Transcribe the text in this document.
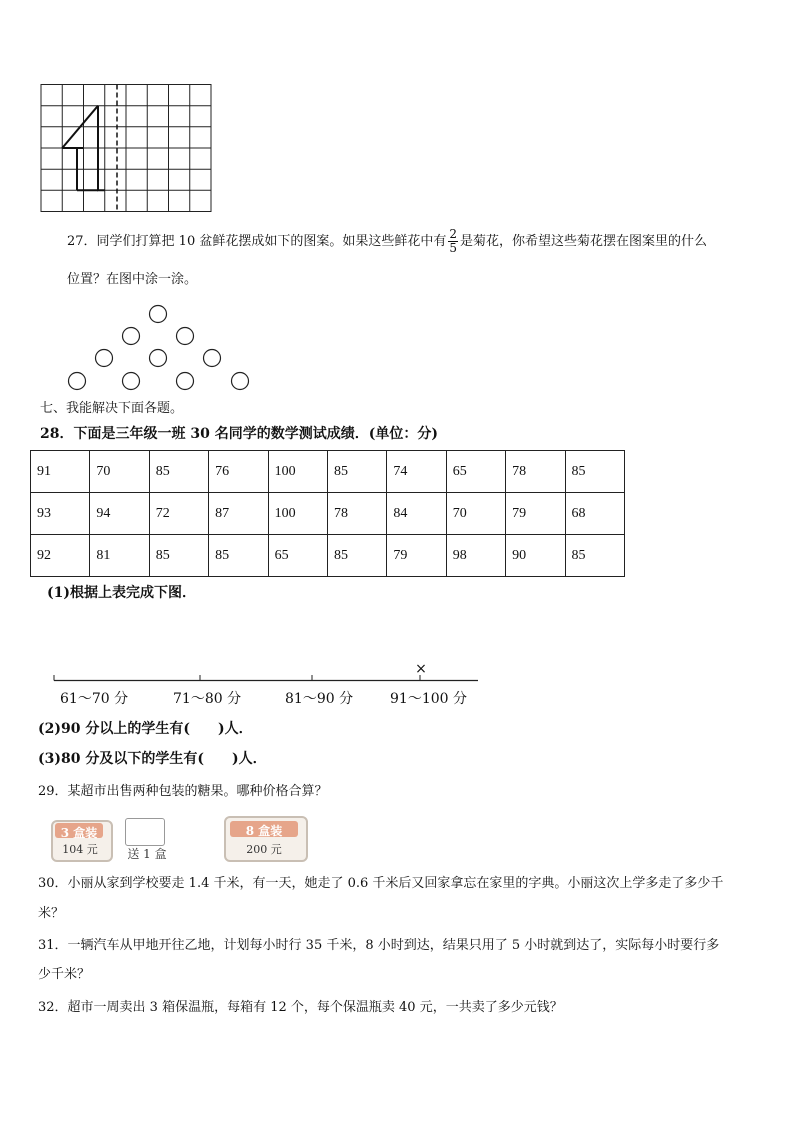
27．同学们打算把 10 盆鲜花摆成如下的图案。如果这些鲜花中有 $\frac{2}{5}$ 是菊花，你希望这些菊花摆在图案里的什么
位置？在图中涂一涂。
七、我能解决下面各题。
28．下面是三年级一班 30 名同学的数学测试成绩．(单位：分)
91	70	85	76	100	85	74	65	78	85
93	94	72	87	100	78	84	70	79	68
92	81	85	85	65	85	79	98	90	85
(1)根据上表完成下图．
×
61～70 分	71～80 分	81～90 分	91～100 分
(2)90 分以上的学生有(　　)人．
(3)80 分及以下的学生有(　　)人．
29．某超市出售两种包装的糖果。哪种价格合算？
3 盒装
104 元	送 1 盒
8 盒装
200 元
30．小丽从家到学校要走 1.4 千米，有一天，她走了 0.6 千米后又回家拿忘在家里的字典。小丽这次上学多走了多少千
米？
31．一辆汽车从甲地开往乙地，计划每小时行 35 千米，8 小时到达，结果只用了 5 小时就到达了，实际每小时要行多
少千米？
32．超市一周卖出 3 箱保温瓶，每箱有 12 个，每个保温瓶卖 40 元，一共卖了多少元钱？
